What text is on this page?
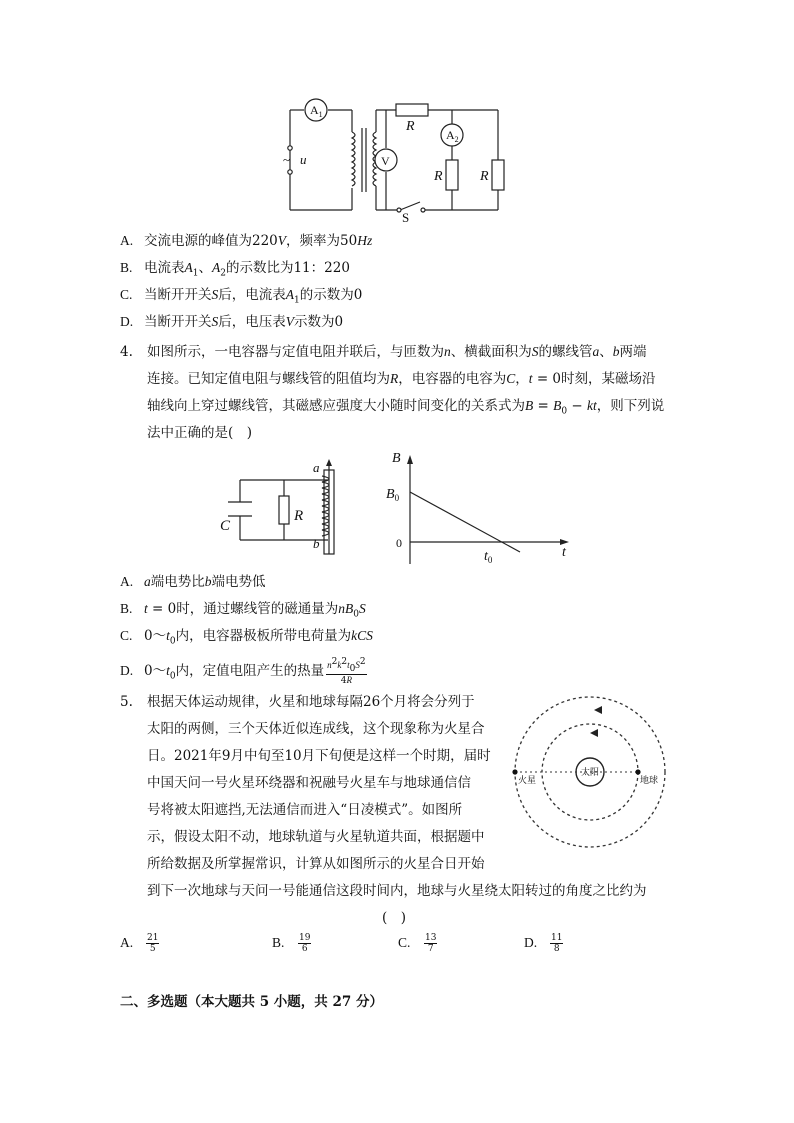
$A_1$
V
$A_2$
R
R	R
S
~ u
A. 交流电源的峰值为220V，频率为50Hz
B. 电流表$A_1$、$A_2$的示数比为11：220
C. 当断开开关S后，电流表$A_1$的示数为0
D. 当断开开关S后，电压表V示数为0
4. 如图所示，一电容器与定值电阻并联后，与匝数为n、横截面积为S的螺线管a、b两端
连接。已知定值电阻与螺线管的阻值均为R，电容器的电容为C，t = 0时刻，某磁场沿
轴线向上穿过螺线管，其磁感应强度大小随时间变化的关系式为$B = B_0$ − kt，则下列说
法中正确的是(　)
C
R
a
b
B
$B_0$
0
$t_0$	t
A. a端电势比b端电势低
B. t = 0时，通过螺线管的磁通量为$nB_0S$
C. $0\sim t_0$内，电容器极板所带电荷量为kCS
D. $0\sim t_0$内，定值电阻产生的热量 $\frac{n^2k^2t_0S^2}{4R}$
5. 根据天体运动规律，火星和地球每隔26个月将会分列于
太阳的两侧，三个天体近似连成线，这个现象称为火星合
日。2021年9月中旬至10月下旬便是这样一个时期，届时
中国天问一号火星环绕器和祝融号火星车与地球通信信
号将被太阳遮挡,无法通信而进入“日凌模式”。如图所
示，假设太阳不动，地球轨道与火星轨道共面，根据题中
所给数据及所掌握常识，计算从如图所示的火星合日开始
到下一次地球与天问一号能通信这段时间内，地球与火星绕太阳转过的角度之比约为
(　)
太阳
火星	地球
A. $\frac{21}{5}$	B. $\frac{19}{6}$	C. $\frac{13}{7}$	D. $\frac{11}{8}$
二、多选题（本大题共 5 小题，共 27 分）
